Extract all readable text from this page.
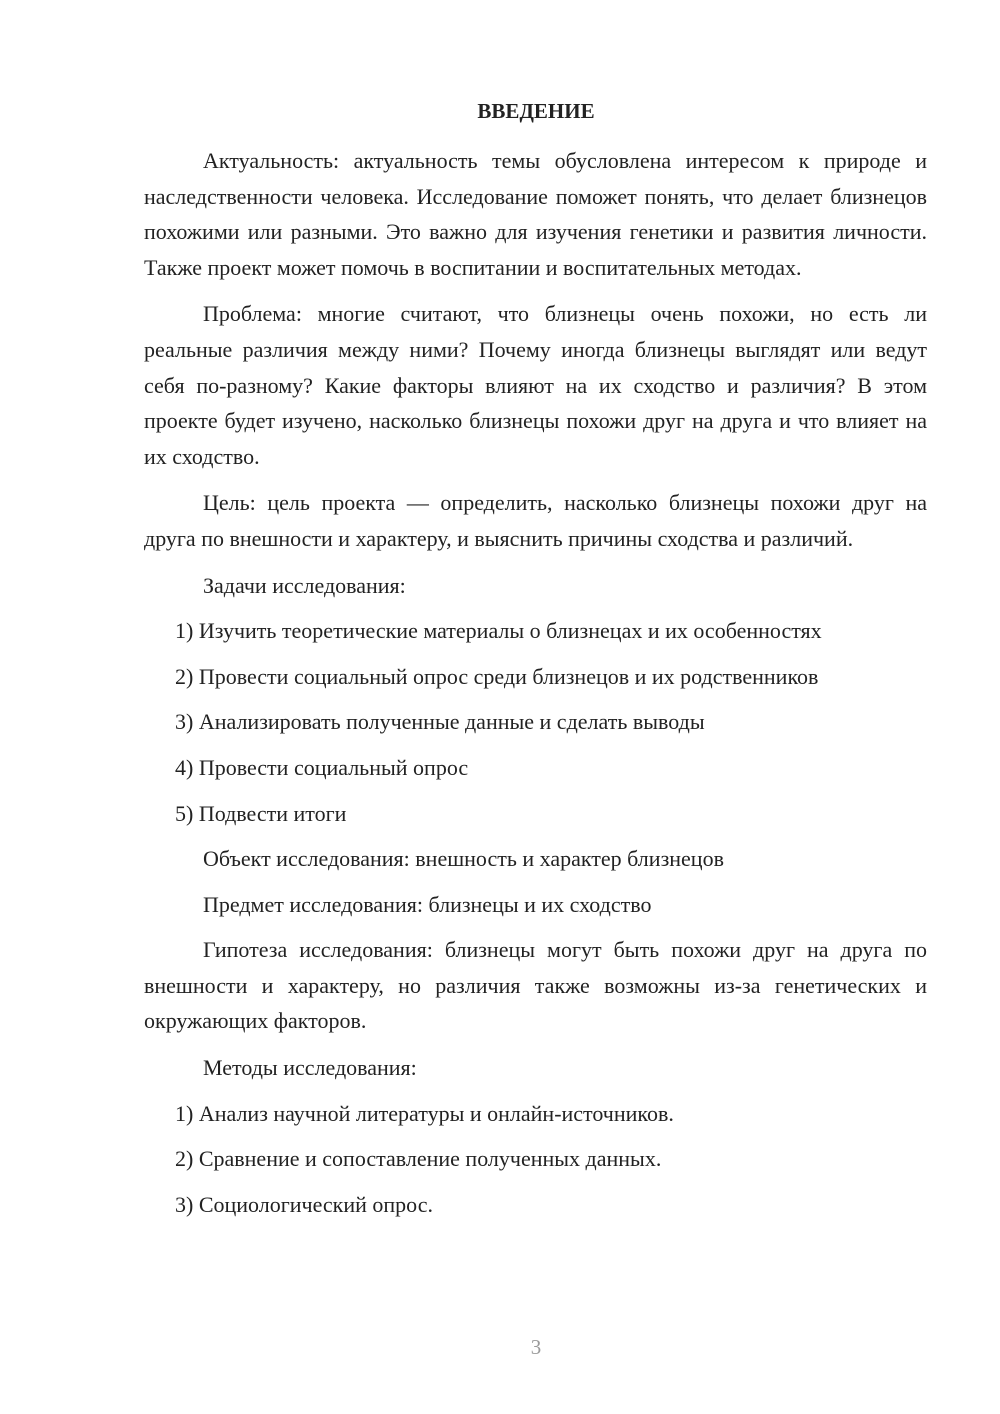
ВВЕДЕНИЕ

Актуальность: актуальность темы обусловлена интересом к природе и наследственности человека. Исследование поможет понять, что делает близнецов похожими или разными. Это важно для изучения генетики и развития личности. Также проект может помочь в воспитании и воспитательных методах.

Проблема: многие считают, что близнецы очень похожи, но есть ли реальные различия между ними? Почему иногда близнецы выглядят или ведут себя по-разному? Какие факторы влияют на их сходство и различия? В этом проекте будет изучено, насколько близнецы похожи друг на друга и что влияет на их сходство.

Цель: цель проекта — определить, насколько близнецы похожи друг на друга по внешности и характеру, и выяснить причины сходства и различий.

Задачи исследования:
1) Изучить теоретические материалы о близнецах и их особенностях
2) Провести социальный опрос среди близнецов и их родственников
3) Анализировать полученные данные и сделать выводы
4) Провести социальный опрос
5) Подвести итоги
Объект исследования: внешность и характер близнецов
Предмет исследования: близнецы и их сходство

Гипотеза исследования: близнецы могут быть похожи друг на друга по внешности и характеру, но различия также возможны из-за генетических и окружающих факторов.

Методы исследования:
1) Анализ научной литературы и онлайн-источников.
2) Сравнение и сопоставление полученных данных.
3) Социологический опрос.
3
